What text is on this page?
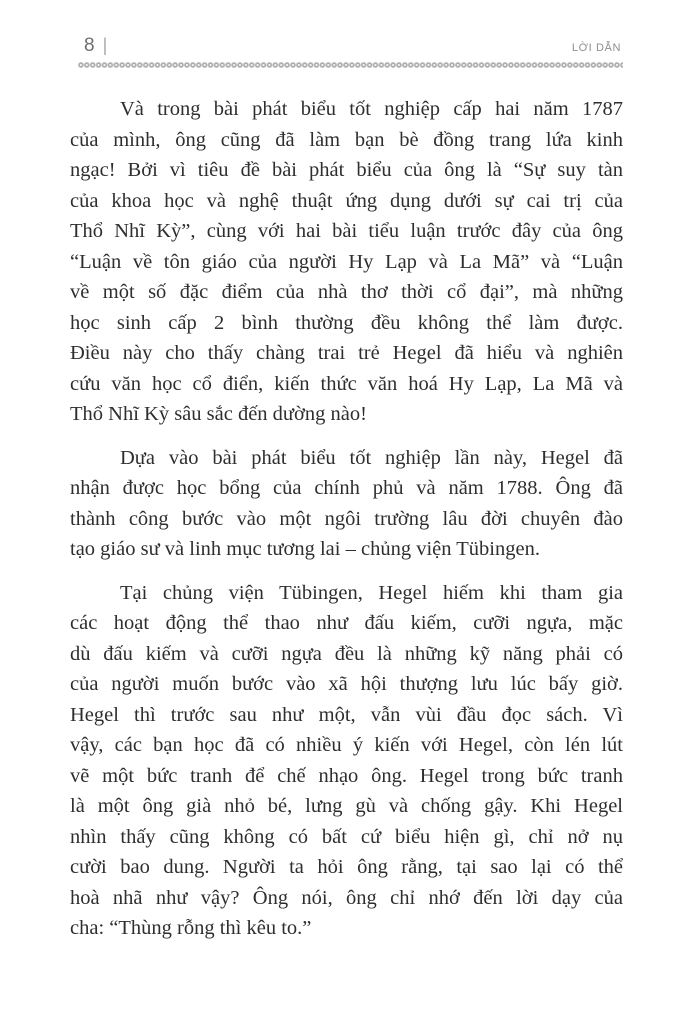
8 |	LỜI DẪN

Và trong bài phát biểu tốt nghiệp cấp hai năm 1787
của mình, ông cũng đã làm bạn bè đồng trang lứa kinh
ngạc! Bởi vì tiêu đề bài phát biểu của ông là “Sự suy tàn
của khoa học và nghệ thuật ứng dụng dưới sự cai trị của
Thổ Nhĩ Kỳ”, cùng với hai bài tiểu luận trước đây của ông
“Luận về tôn giáo của người Hy Lạp và La Mã” và “Luận
về một số đặc điểm của nhà thơ thời cổ đại”, mà những
học sinh cấp 2 bình thường đều không thể làm được.
Điều này cho thấy chàng trai trẻ Hegel đã hiểu và nghiên
cứu văn học cổ điển, kiến thức văn hoá Hy Lạp, La Mã và
Thổ Nhĩ Kỳ sâu sắc đến dường nào!

Dựa vào bài phát biểu tốt nghiệp lần này, Hegel đã
nhận được học bổng của chính phủ và năm 1788. Ông đã
thành công bước vào một ngôi trường lâu đời chuyên đào
tạo giáo sư và linh mục tương lai – chủng viện Tübingen.

Tại chủng viện Tübingen, Hegel hiếm khi tham gia
các hoạt động thể thao như đấu kiếm, cưỡi ngựa, mặc
dù đấu kiếm và cưỡi ngựa đều là những kỹ năng phải có
của người muốn bước vào xã hội thượng lưu lúc bấy giờ.
Hegel thì trước sau như một, vẫn vùi đầu đọc sách. Vì
vậy, các bạn học đã có nhiều ý kiến với Hegel, còn lén lút
vẽ một bức tranh để chế nhạo ông. Hegel trong bức tranh
là một ông già nhỏ bé, lưng gù và chống gậy. Khi Hegel
nhìn thấy cũng không có bất cứ biểu hiện gì, chỉ nở nụ
cười bao dung. Người ta hỏi ông rằng, tại sao lại có thể
hoà nhã như vậy? Ông nói, ông chỉ nhớ đến lời dạy của
cha: “Thùng rỗng thì kêu to.”
